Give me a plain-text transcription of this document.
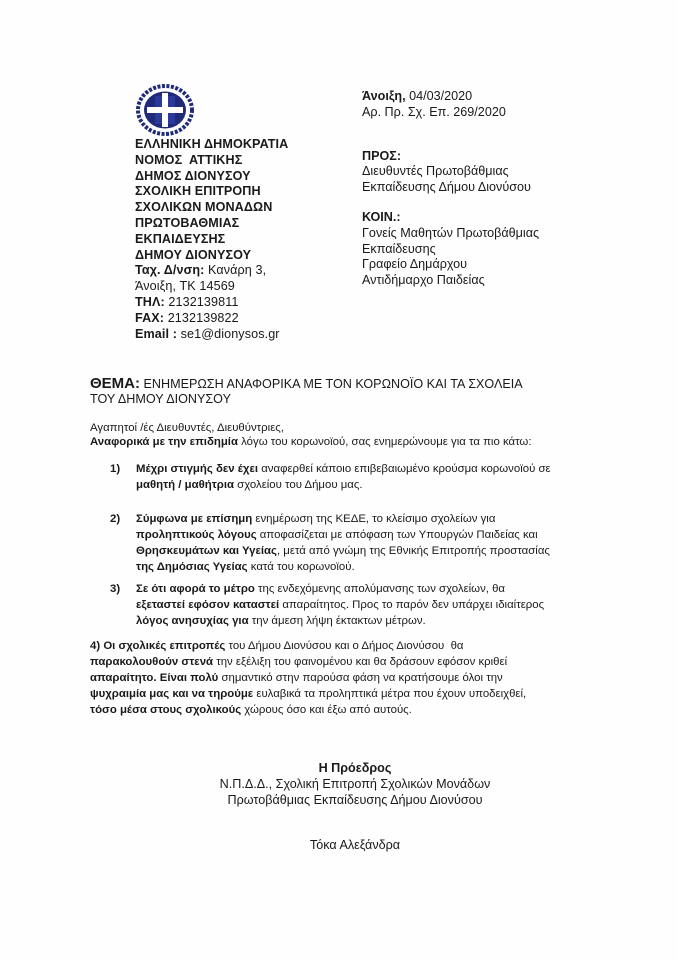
ΕΛΛΗΝΙΚΗ ΔΗΜΟΚΡΑΤΙΑ
ΝΟΜΟΣ  ΑΤΤΙΚΗΣ
ΔΗΜΟΣ ΔΙΟΝΥΣΟΥ
ΣΧΟΛΙΚΗ ΕΠΙΤΡΟΠΗ
ΣΧΟΛΙΚΩΝ ΜΟΝΑΔΩΝ
ΠΡΩΤΟΒΑΘΜΙΑΣ
ΕΚΠΑΙΔΕΥΣΗΣ
ΔΗΜΟΥ ΔΙΟΝΥΣΟΥ
Ταχ. Δ/νση: Κανάρη 3,
Άνοιξη, ΤΚ 14569
ΤΗΛ: 2132139811
FAX: 2132139822
Email : se1@dionysos.gr
Άνοιξη, 04/03/2020
Αρ. Πρ. Σχ. Επ. 269/2020
ΠΡΟΣ:
Διευθυντές Πρωτοβάθμιας
Εκπαίδευσης Δήμου Διονύσου
ΚΟΙΝ.:
Γονείς Μαθητών Πρωτοβάθμιας
Εκπαίδευσης
Γραφείο Δημάρχου
Αντιδήμαρχο Παιδείας
ΘΕΜΑ: ΕΝΗΜΕΡΩΣΗ ΑΝΑΦΟΡΙΚΑ ΜΕ ΤΟΝ ΚΟΡΩΝΟΪΟ ΚΑΙ ΤΑ ΣΧΟΛΕΙΑ
ΤΟΥ ΔΗΜΟΥ ΔΙΟΝΥΣΟΥ
Αγαπητοί /ές Διευθυντές, Διευθύντριες,
Αναφορικά με την επιδημία λόγω του κορωνοϊού, σας ενημερώνουμε για τα πιο κάτω:
1) Μέχρι στιγμής δεν έχει αναφερθεί κάποιο επιβεβαιωμένο κρούσμα κορωνοϊού σε
μαθητή / μαθήτρια σχολείου του Δήμου μας.
2) Σύμφωνα με επίσημη ενημέρωση της ΚΕΔΕ, το κλείσιμο σχολείων για
προληπτικούς λόγους αποφασίζεται με απόφαση των Υπουργών Παιδείας και
Θρησκευμάτων και Υγείας, μετά από γνώμη της Εθνικής Επιτροπής προστασίας
της Δημόσιας Υγείας κατά του κορωνοϊού.
3) Σε ότι αφορά το μέτρο της ενδεχόμενης απολύμανσης των σχολείων, θα
εξεταστεί εφόσον καταστεί απαραίτητος. Προς το παρόν δεν υπάρχει ιδιαίτερος
λόγος ανησυχίας για την άμεση λήψη έκτακτων μέτρων.
4) Οι σχολικές επιτροπές του Δήμου Διονύσου και ο Δήμος Διονύσου  θα
παρακολουθούν στενά την εξέλιξη του φαινομένου και θα δράσουν εφόσον κριθεί
απαραίτητο. Είναι πολύ σημαντικό στην παρούσα φάση να κρατήσουμε όλοι την
ψυχραιμία μας και να τηρούμε ευλαβικά τα προληπτικά μέτρα που έχουν υποδειχθεί,
τόσο μέσα στους σχολικούς χώρους όσο και έξω από αυτούς.
Η Πρόεδρος
Ν.Π.Δ.Δ., Σχολική Επιτροπή Σχολικών Μονάδων
Πρωτοβάθμιας Εκπαίδευσης Δήμου Διονύσου
Τόκα Αλεξάνδρα
